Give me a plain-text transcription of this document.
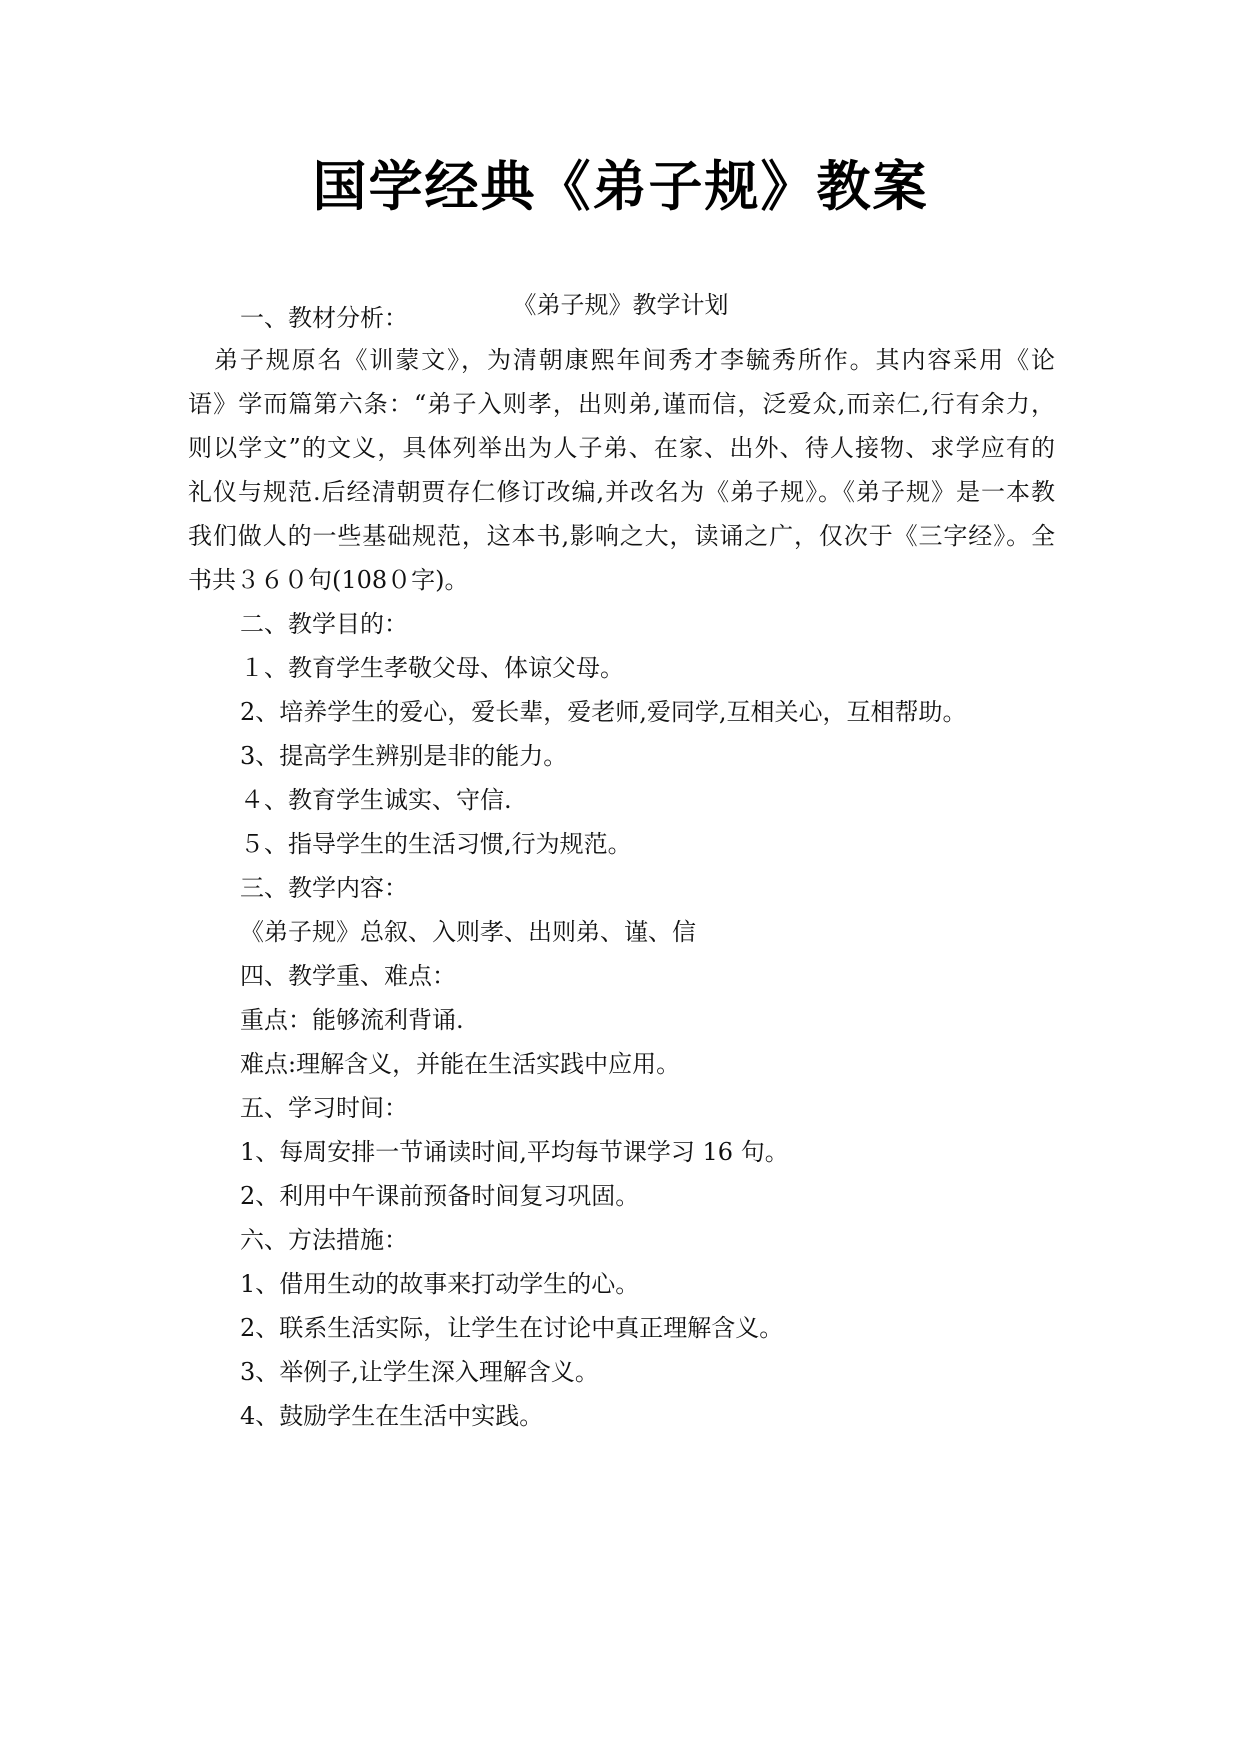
国学经典《弟子规》教案
《弟子规》教学计划
一、教材分析：
弟子规原名《训蒙文》，为清朝康熙年间秀才李毓秀所作。其内容采用《论
语》学而篇第六条：“弟子入则孝，出则弟,谨而信，泛爱众,而亲仁,行有余力，
则以学文”的文义，具体列举出为人子弟、在家、出外、待人接物、求学应有的
礼仪与规范.后经清朝贾存仁修订改编,并改名为《弟子规》。《弟子规》是一本教
我们做人的一些基础规范，这本书,影响之大，读诵之广，仅次于《三字经》。全
书共３６０句(108０字)。
二、教学目的：
１、教育学生孝敬父母、体谅父母。
2、培养学生的爱心，爱长辈，爱老师,爱同学,互相关心，互相帮助。
3、提高学生辨别是非的能力。
４、教育学生诚实、守信.
５、指导学生的生活习惯,行为规范。
三、教学内容：
《弟子规》总叙、入则孝、出则弟、谨、信
四、教学重、难点：
重点：能够流利背诵.
难点:理解含义，并能在生活实践中应用。
五、学习时间：
1、每周安排一节诵读时间,平均每节课学习 16 句。
2、利用中午课前预备时间复习巩固。
六、方法措施：
1、借用生动的故事来打动学生的心。
2、联系生活实际，让学生在讨论中真正理解含义。
3、举例子,让学生深入理解含义。
4、鼓励学生在生活中实践。
